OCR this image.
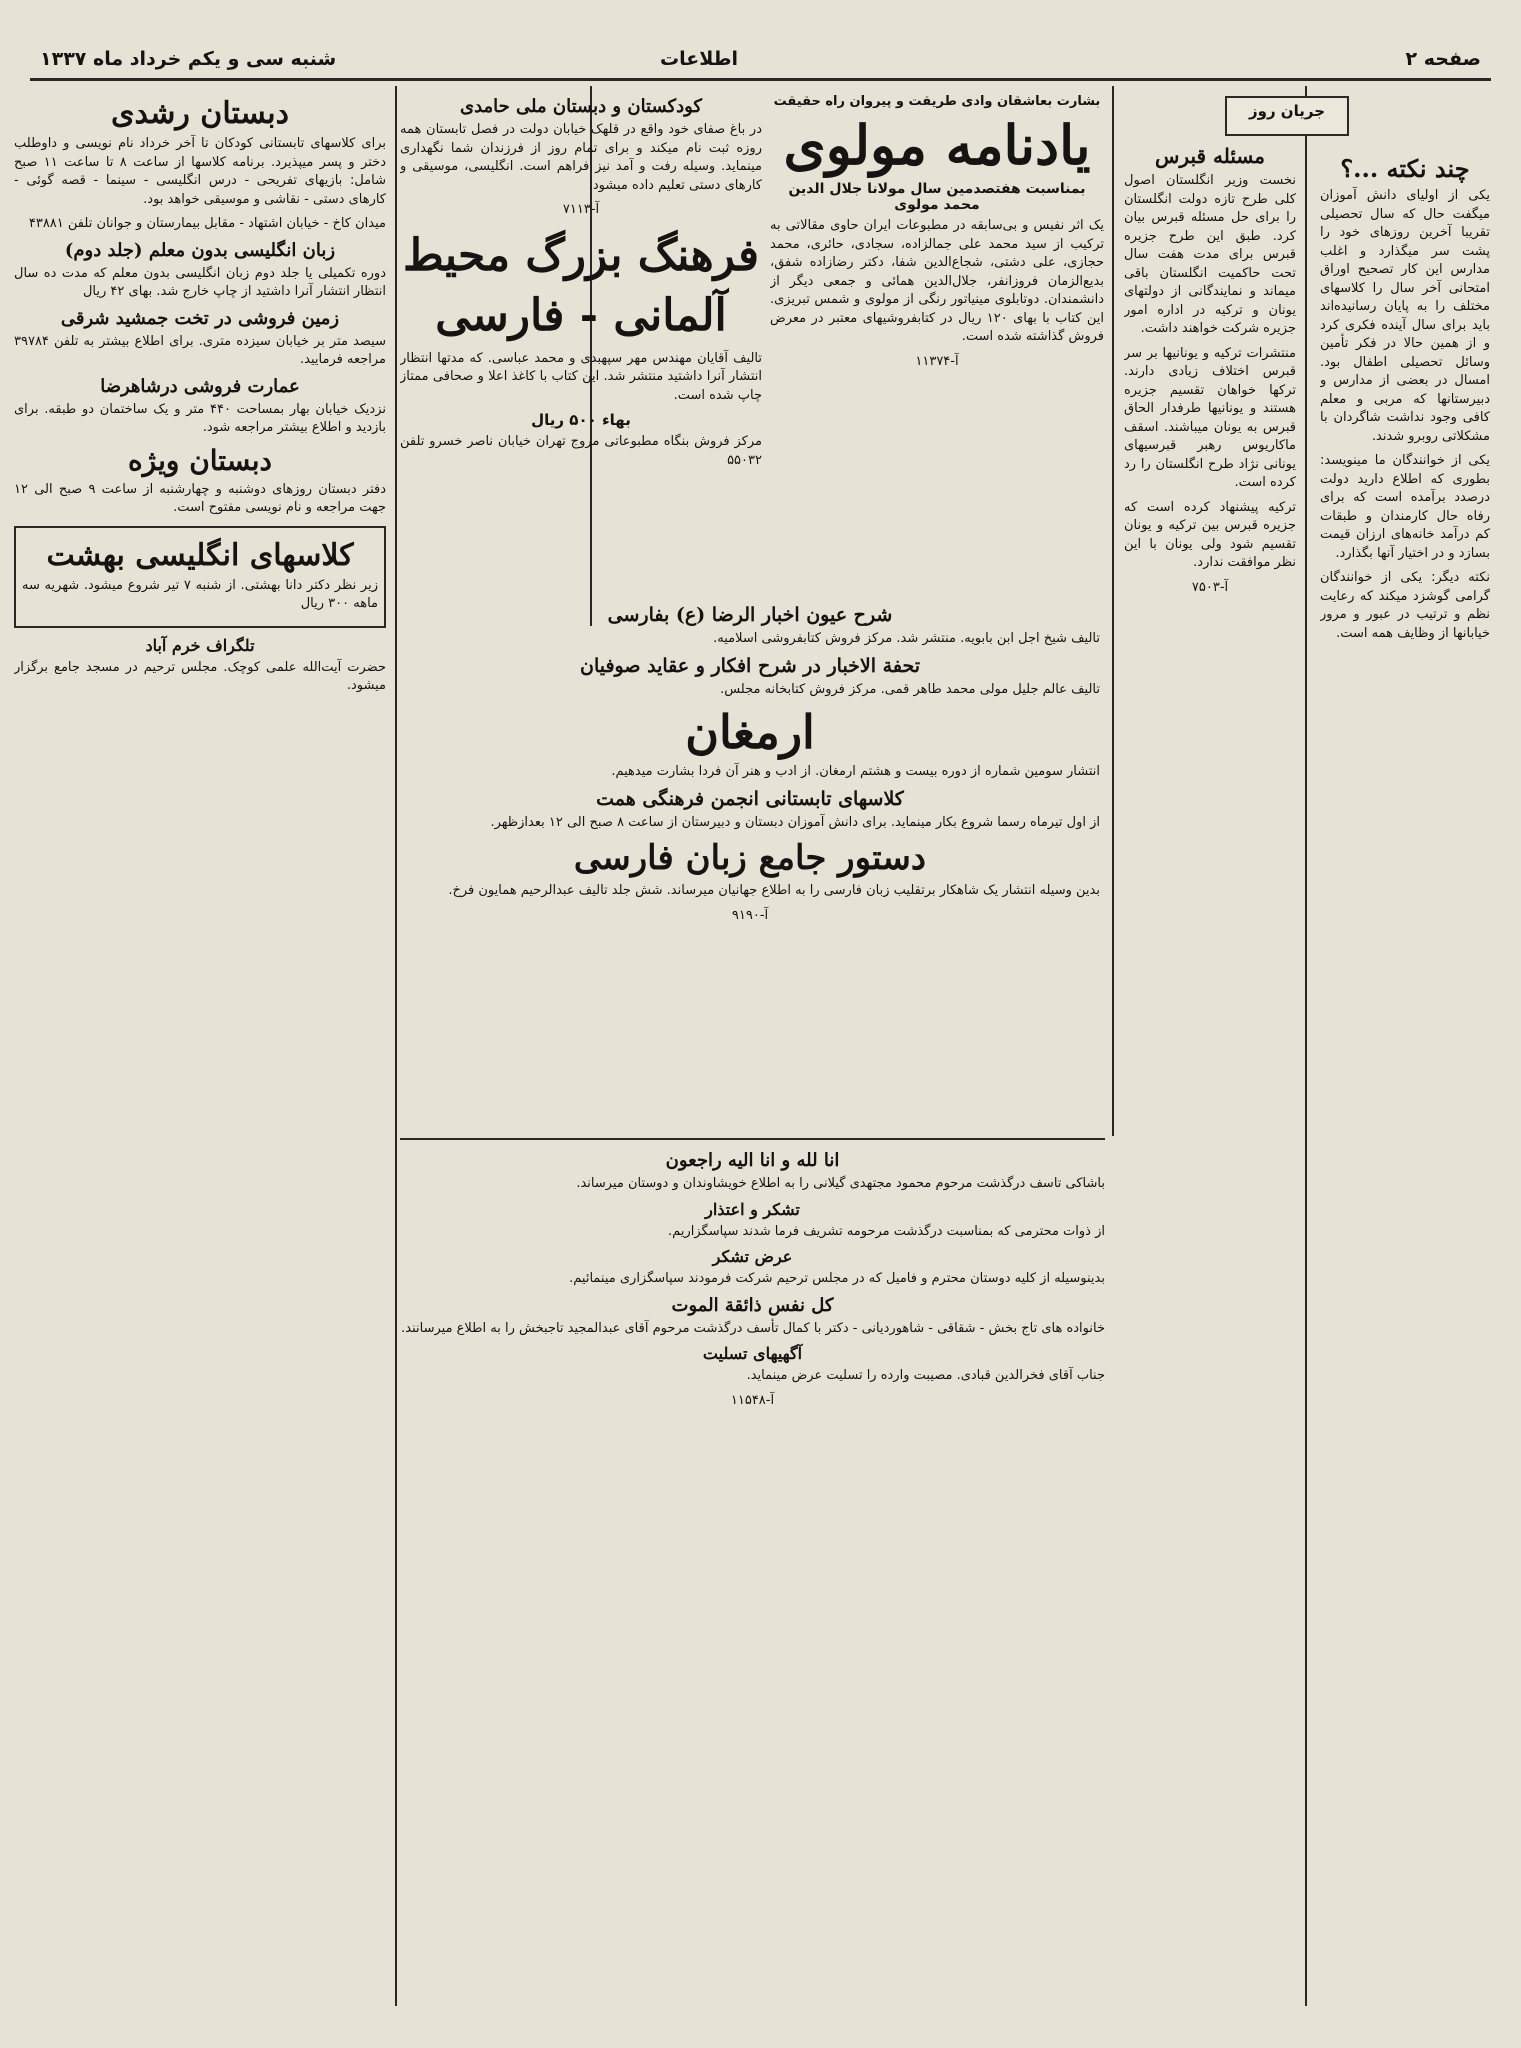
صفحه ۲
اطلاعات
شنبه سی و یکم خرداد ماه ۱۳۳۷
جریان روز
چند نکته ...؟

یکی از اولیای دانش آموزان میگفت حال که سال تحصیلی تقریبا آخرین روزهای خود را پشت سر میگذارد و اغلب مدارس این کار تصحیح اوراق امتحانی آخر سال را کلاسهای مختلف را به پایان رسانیده‌اند باید برای سال آینده فکری کرد و از همین حالا در فکر تأمین وسائل تحصیلی اطفال بود. امسال در بعضی از مدارس و دبیرستانها که مربی و معلم کافی وجود نداشت شاگردان با مشکلاتی روبرو شدند.

یکی از خوانندگان ما مینویسد: بطوری که اطلاع دارید دولت درصدد برآمده است که برای رفاه حال کارمندان و طبقات کم درآمد خانه‌های ارزان قیمت بسازد و در اختیار آنها بگذارد.

نکته دیگر: یکی از خوانندگان گرامی گوشزد میکند که رعایت نظم و ترتیب در عبور و مرور خیابانها از وظایف همه است.

مسئله قبرس

نخست وزیر انگلستان اصول کلی طرح تازه دولت انگلستان را برای حل مسئله قبرس بیان کرد. طبق این طرح جزیره قبرس برای مدت هفت سال تحت حاکمیت انگلستان باقی میماند و نمایندگانی از دولتهای یونان و ترکیه در اداره امور جزیره شرکت خواهند داشت.

منتشرات ترکیه و یونانیها بر سر قبرس اختلاف زیادی دارند. ترکها خواهان تقسیم جزیره هستند و یونانیها طرفدار الحاق قبرس به یونان میباشند. اسقف ماکاریوس رهبر قبرسیهای یونانی نژاد طرح انگلستان را رد کرده است.

ترکیه پیشنهاد کرده است که جزیره قبرس بین ترکیه و یونان تقسیم شود ولی یونان با این نظر موافقت ندارد.

آ-۷۵۰۳

بشارت بعاشقان وادی طریقت و پیروان راه حقیقت
یادنامه مولوی
بمناسبت هفتصدمین سال مولانا جلال الدین محمد مولوی

یک اثر نفیس و بی‌سابقه در مطبوعات ایران حاوی مقالاتی به ترکیب از سید محمد علی جمالزاده، سجادی، حائری، محمد حجازی، علی دشتی، شجاع‌الدین شفا، دکتر رضازاده شفق، بدیع‌الزمان فروزانفر، جلال‌الدین همائی و جمعی دیگر از دانشمندان. دوتابلوی مینیاتور رنگی از مولوی و شمس تبریزی. این کتاب با بهای ۱۲۰ ریال در کتابفروشیهای معتبر در معرض فروش گذاشته شده است.

آ-۱۱۳۷۴

کودکستان و دبستان ملی حامدی

در باغ صفای خود واقع در قلهک خیابان دولت در فصل تابستان همه روزه ثبت نام میکند و برای تمام روز از فرزندان شما نگهداری مینماید. وسیله رفت و آمد نیز فراهم است. انگلیسی، موسیقی و کارهای دستی تعلیم داده میشود.

آ-۷۱۱۳

فرهنگ بزرگ محیط آلمانی - فارسی

تالیف آقایان مهندس مهر سپهبدی و محمد عباسی. که مدتها انتظار انتشار آنرا داشتید منتشر شد. این کتاب با کاغذ اعلا و صحافی ممتاز چاپ شده است.

بهاء ۵۰۰ ریال

مرکز فروش بنگاه مطبوعاتی مروج تهران خیابان ناصر خسرو تلفن ۵۵۰۳۲

دبستان رشدی

برای کلاسهای تابستانی کودکان تا آخر خرداد نام نویسی و داوطلب دختر و پسر میپذیرد. برنامه کلاسها از ساعت ۸ تا ساعت ۱۱ صبح شامل: بازیهای تفریحی - درس انگلیسی - سینما - قصه گوئی - کارهای دستی - نقاشی و موسیقی خواهد بود.

میدان کاخ - خیابان اشتهاد - مقابل بیمارستان و جوانان تلفن ۴۳۸۸۱

زبان انگلیسی بدون معلم (جلد دوم)

دوره تکمیلی یا جلد دوم زبان انگلیسی بدون معلم که مدت ده سال انتظار انتشار آنرا داشتید از چاپ خارج شد. بهای ۴۲ ریال

زمین فروشی در تخت جمشید شرقی

سیصد متر بر خیابان سیزده متری. برای اطلاع بیشتر به تلفن ۳۹۷۸۴ مراجعه فرمایید.

عمارت فروشی درشاهرضا

نزدیک خیابان بهار بمساحت ۴۴۰ متر و یک ساختمان دو طبقه. برای بازدید و اطلاع بیشتر مراجعه شود.

دبستان ویژه

دفتر دبستان روزهای دوشنبه و چهارشنبه از ساعت ۹ صبح الی ۱۲ جهت مراجعه و نام نویسی مفتوح است.

کلاسهای انگلیسی بهشت

زیر نظر دکتر دانا بهشتی. از شنبه ۷ تیر شروع میشود. شهریه سه ماهه ۳۰۰ ریال

تلگراف خرم آباد

حضرت آیت‌الله علمی کوچک. مجلس ترحیم در مسجد جامع برگزار میشود.

شرح عیون اخبار الرضا (ع) بفارسی

تالیف شیخ اجل ابن بابویه. منتشر شد. مرکز فروش کتابفروشی اسلامیه.

تحفة الاخبار در شرح افکار و عقاید صوفیان

تالیف عالم جلیل مولی محمد طاهر قمی. مرکز فروش کتابخانه مجلس.

ارمغان

انتشار سومین شماره از دوره بیست و هشتم ارمغان. از ادب و هنر آن فردا بشارت میدهیم.

کلاسهای تابستانی انجمن فرهنگی همت

از اول تیرماه رسما شروع بکار مینماید. برای دانش آموزان دبستان و دبیرستان از ساعت ۸ صبح الی ۱۲ بعدازظهر.

دستور جامع زبان فارسی

بدین وسیله انتشار یک شاهکار برتقلیب زبان فارسی را به اطلاع جهانیان میرساند. شش جلد تالیف عبدالرحیم همایون فرخ.

آ-۹۱۹۰

انا لله و انا الیه راجعون

باشاکی تاسف درگذشت مرحوم محمود مجتهدی گیلانی را به اطلاع خویشاوندان و دوستان میرساند.

تشکر و اعتذار

از ذوات محترمی که بمناسبت درگذشت مرحومه تشریف فرما شدند سپاسگزاریم.

عرض تشکر

بدینوسیله از کلیه دوستان محترم و فامیل که در مجلس ترحیم شرکت فرمودند سپاسگزاری مینمائیم.

کل نفس ذائقة الموت

خانواده های تاج بخش - شقاقی - شاهوردیانی - دکتر با کمال تأسف درگذشت مرحوم آقای عبدالمجید تاجبخش را به اطلاع میرسانند.

آگهیهای تسلیت

جناب آقای فخرالدین قبادی. مصیبت وارده را تسلیت عرض مینماید.

آ-۱۱۵۴۸
